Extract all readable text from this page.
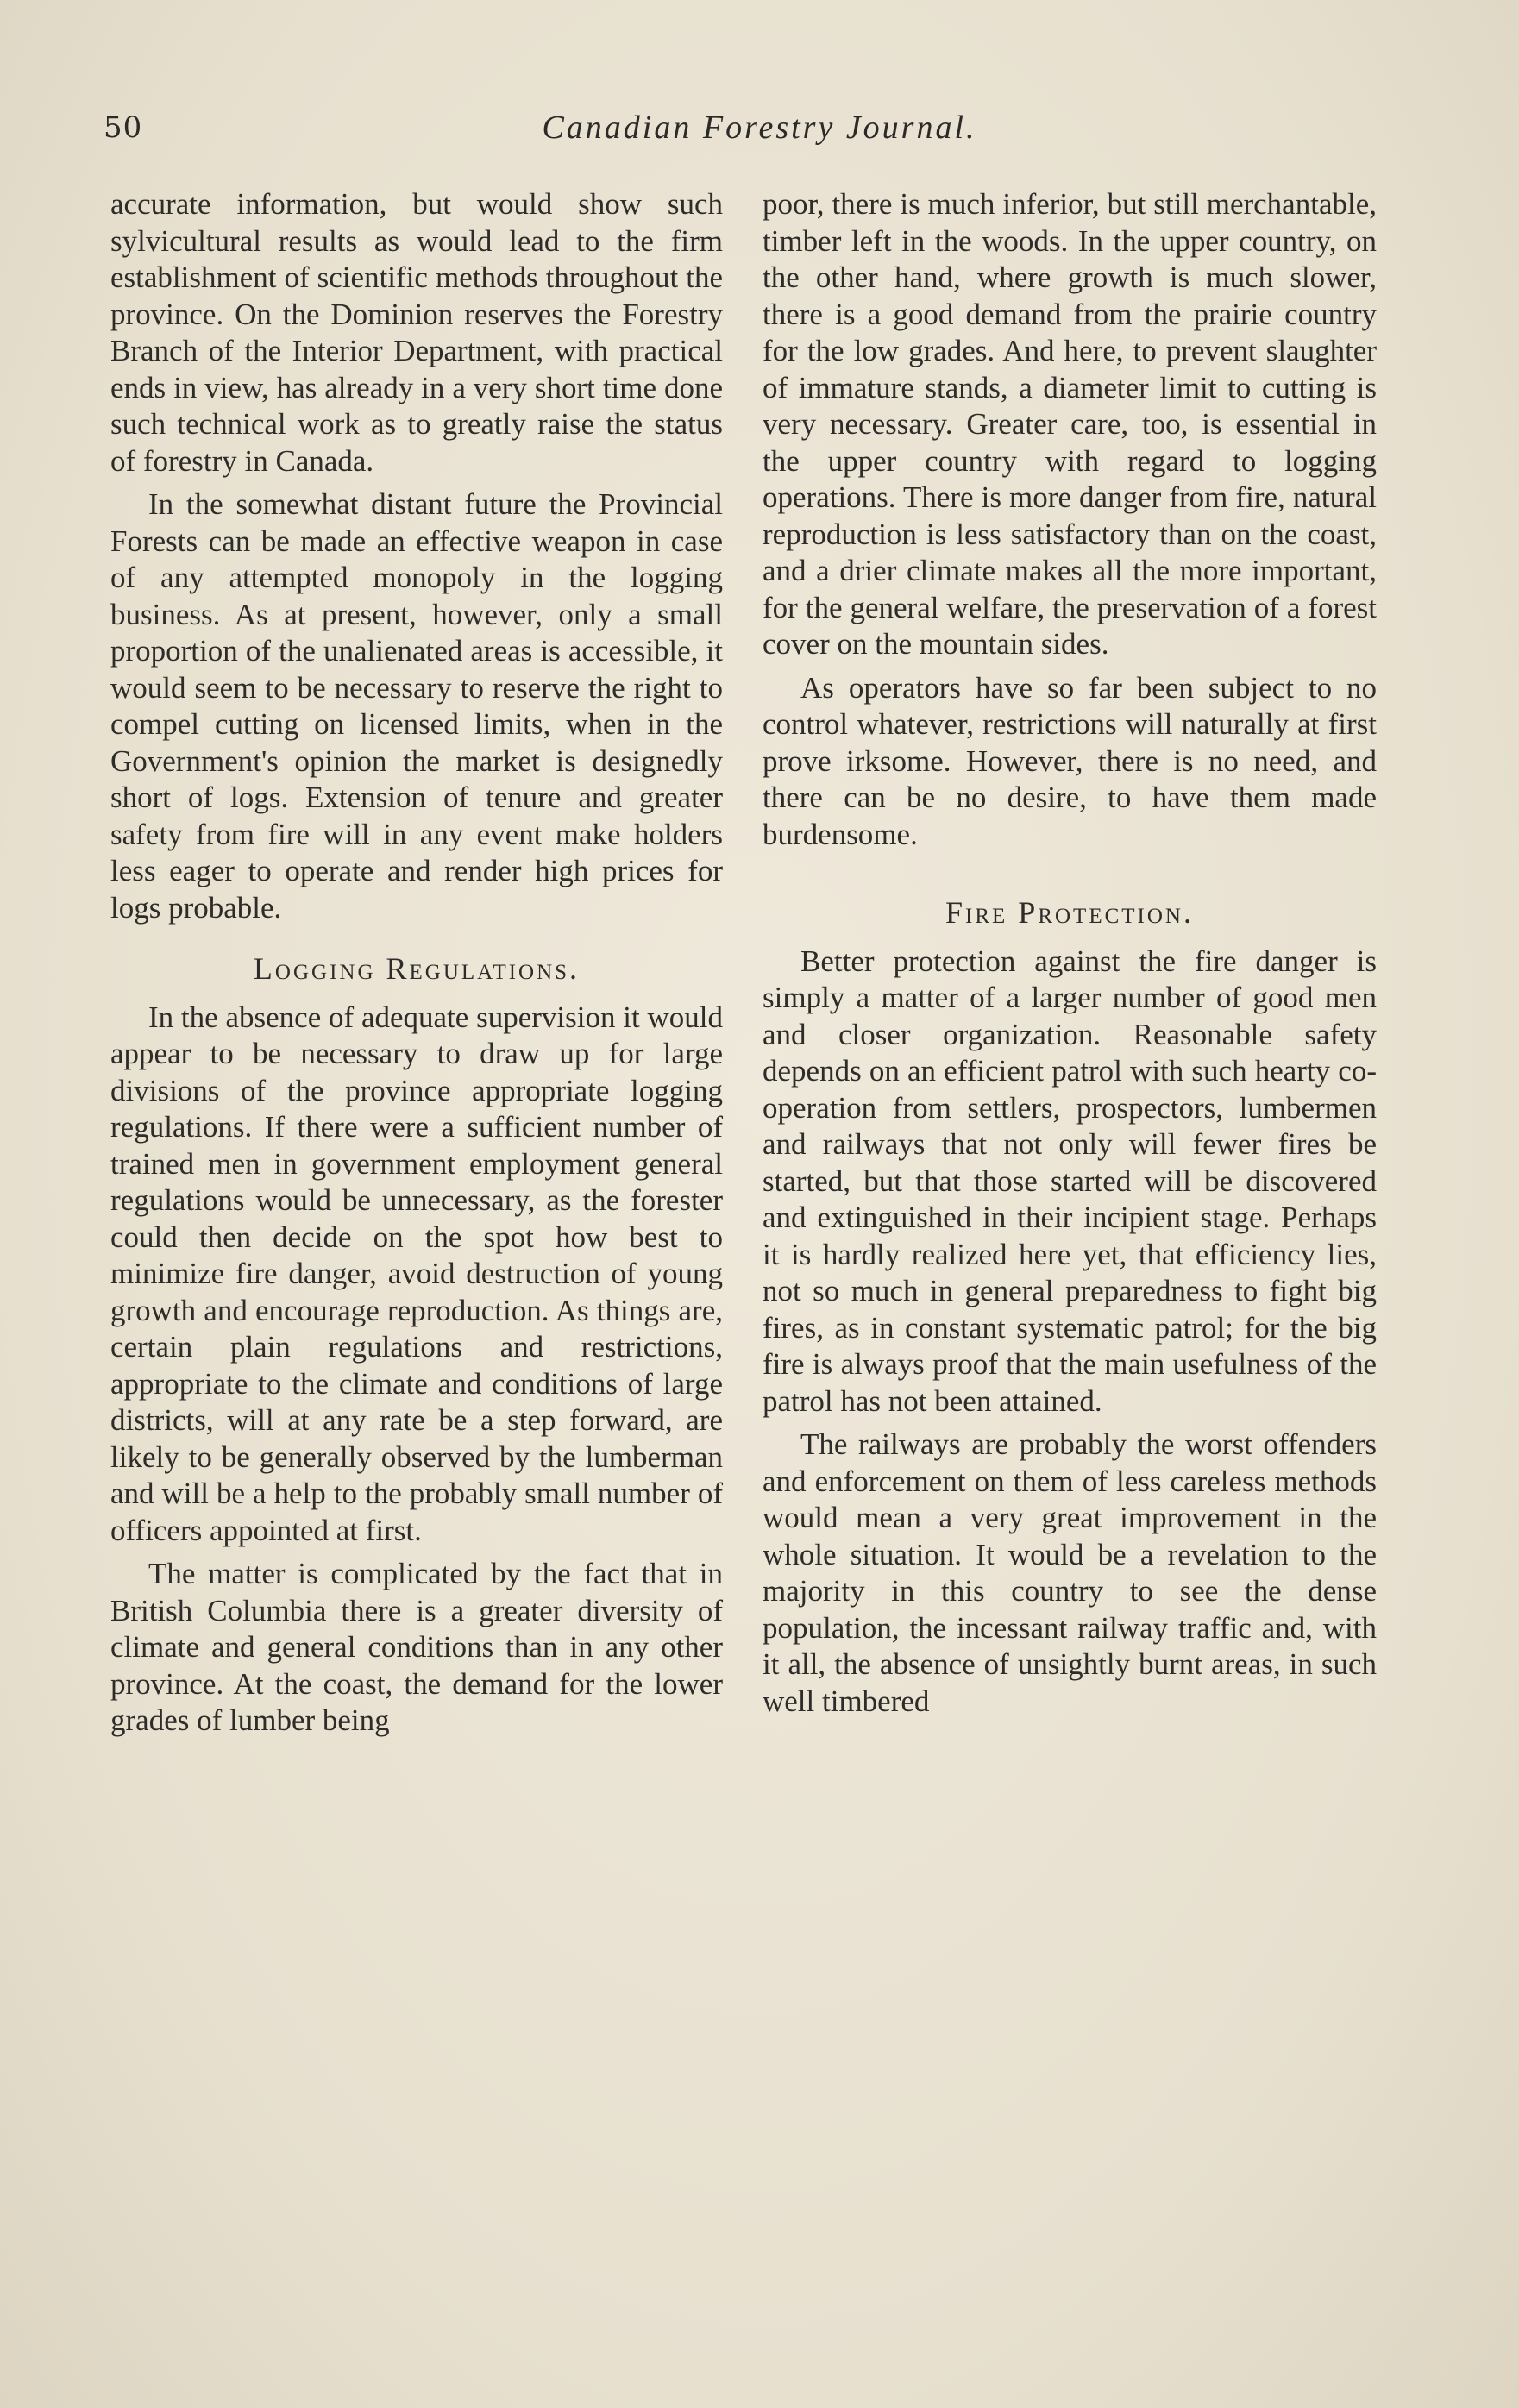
50	Canadian Forestry Journal.

accurate information, but would show such sylvicultural results as would lead to the firm establishment of scientific methods throughout the province. On the Dominion reserves the Forestry Branch of the Interior Department, with practical ends in view, has already in a very short time done such technical work as to greatly raise the status of forestry in Canada.

In the somewhat distant future the Provincial Forests can be made an effective weapon in case of any attempted monopoly in the logging business. As at present, however, only a small proportion of the unalienated areas is accessible, it would seem to be necessary to reserve the right to compel cutting on licensed limits, when in the Government's opinion the market is designedly short of logs. Extension of tenure and greater safety from fire will in any event make holders less eager to operate and render high prices for logs probable.

Logging Regulations.

In the absence of adequate supervision it would appear to be necessary to draw up for large divisions of the province appropriate logging regulations. If there were a sufficient number of trained men in government employment general regulations would be unnecessary, as the forester could then decide on the spot how best to minimize fire danger, avoid destruction of young growth and encourage reproduction. As things are, certain plain regulations and restrictions, appropriate to the climate and conditions of large districts, will at any rate be a step forward, are likely to be generally observed by the lumberman and will be a help to the probably small number of officers appointed at first.

The matter is complicated by the fact that in British Columbia there is a greater diversity of climate and general conditions than in any other province. At the coast, the demand for the lower grades of lumber being

poor, there is much inferior, but still merchantable, timber left in the woods. In the upper country, on the other hand, where growth is much slower, there is a good demand from the prairie country for the low grades. And here, to prevent slaughter of immature stands, a diameter limit to cutting is very necessary. Greater care, too, is essential in the upper country with regard to logging operations. There is more danger from fire, natural reproduction is less satisfactory than on the coast, and a drier climate makes all the more important, for the general welfare, the preservation of a forest cover on the mountain sides.

As operators have so far been subject to no control whatever, restrictions will naturally at first prove irksome. However, there is no need, and there can be no desire, to have them made burdensome.

Fire Protection.

Better protection against the fire danger is simply a matter of a larger number of good men and closer organization. Reasonable safety depends on an efficient patrol with such hearty co-operation from settlers, prospectors, lumbermen and railways that not only will fewer fires be started, but that those started will be discovered and extinguished in their incipient stage. Perhaps it is hardly realized here yet, that efficiency lies, not so much in general preparedness to fight big fires, as in constant systematic patrol; for the big fire is always proof that the main usefulness of the patrol has not been attained.

The railways are probably the worst offenders and enforcement on them of less careless methods would mean a very great improvement in the whole situation. It would be a revelation to the majority in this country to see the dense population, the incessant railway traffic and, with it all, the absence of unsightly burnt areas, in such well timbered
